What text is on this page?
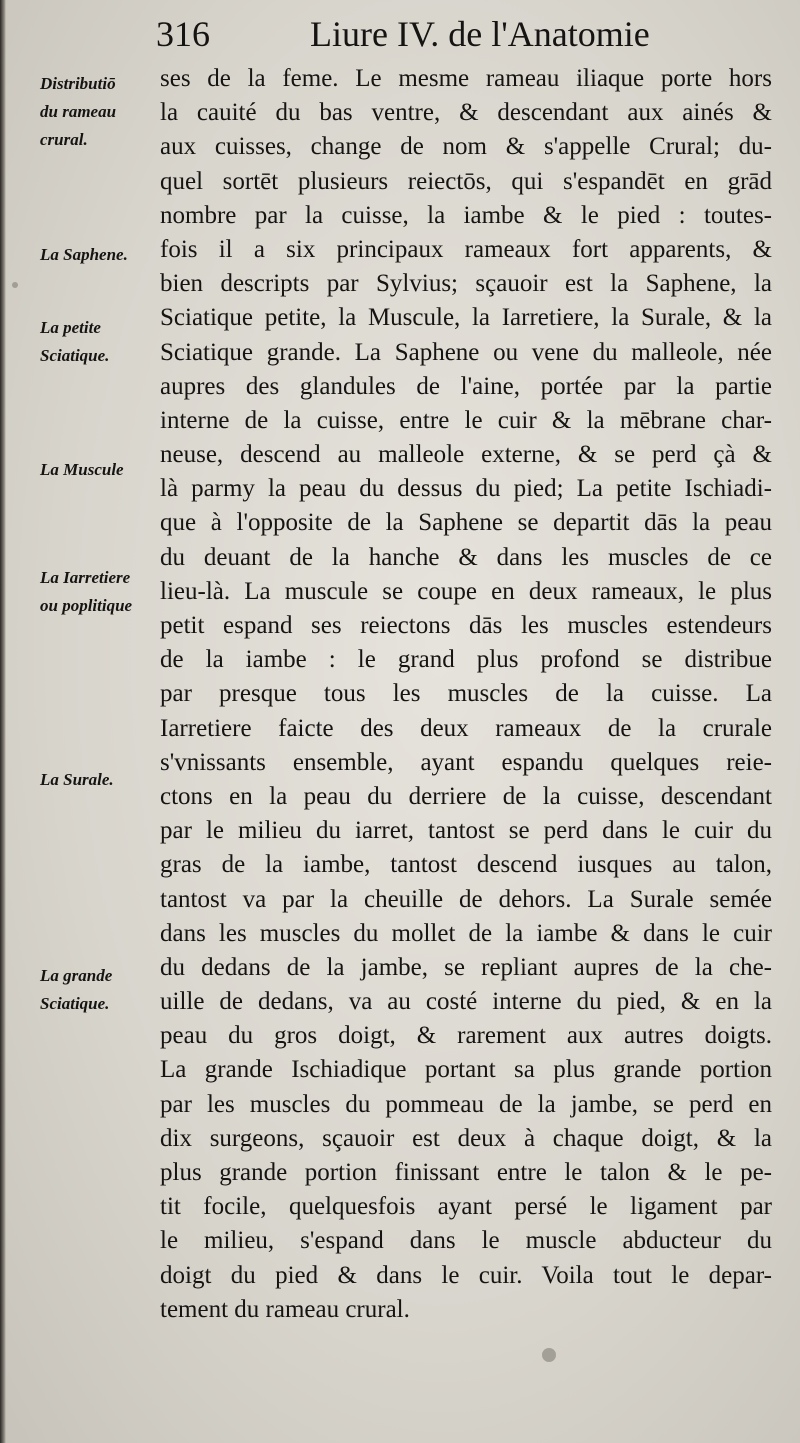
316	Liure IV. de l'Anatomie
Distributiō
du rameau
crural.
La Saphene.
La petite
Sciatique.
La Muscule
La Iarretiere
ou poplitique
La Surale.
La grande
Sciatique.
ses de la feme. Le mesme rameau iliaque porte hors
la cauité du bas ventre, & descendant aux ainés &
aux cuisses, change de nom & s'appelle Crural; du-
quel sortēt plusieurs reiectōs, qui s'espandēt en grād
nombre par la cuisse, la iambe & le pied : toutes-
fois il a six principaux rameaux fort apparents, &
bien descripts par Sylvius; sçauoir est la Saphene, la
Sciatique petite, la Muscule, la Iarretiere, la Surale, & la
Sciatique grande. La Saphene ou vene du malleole, née
aupres des glandules de l'aine, portée par la partie
interne de la cuisse, entre le cuir & la mēbrane char-
neuse, descend au malleole externe, & se perd çà &
là parmy la peau du dessus du pied; La petite Ischiadi-
que à l'opposite de la Saphene se departit dās la peau
du deuant de la hanche & dans les muscles de ce
lieu-là. La muscule se coupe en deux rameaux, le plus
petit espand ses reiectons dās les muscles estendeurs
de la iambe : le grand plus profond se distribue
par presque tous les muscles de la cuisse. La
Iarretiere faicte des deux rameaux de la crurale
s'vnissants ensemble, ayant espandu quelques reie-
ctons en la peau du derriere de la cuisse, descendant
par le milieu du iarret, tantost se perd dans le cuir du
gras de la iambe, tantost descend iusques au talon,
tantost va par la cheuille de dehors. La Surale semée
dans les muscles du mollet de la iambe & dans le cuir
du dedans de la jambe, se repliant aupres de la che-
uille de dedans, va au costé interne du pied, & en la
peau du gros doigt, & rarement aux autres doigts.
La grande Ischiadique portant sa plus grande portion
par les muscles du pommeau de la jambe, se perd en
dix surgeons, sçauoir est deux à chaque doigt, & la
plus grande portion finissant entre le talon & le pe-
tit focile, quelquesfois ayant persé le ligament par
le milieu, s'espand dans le muscle abducteur du
doigt du pied & dans le cuir. Voila tout le depar-
tement du rameau crural.
